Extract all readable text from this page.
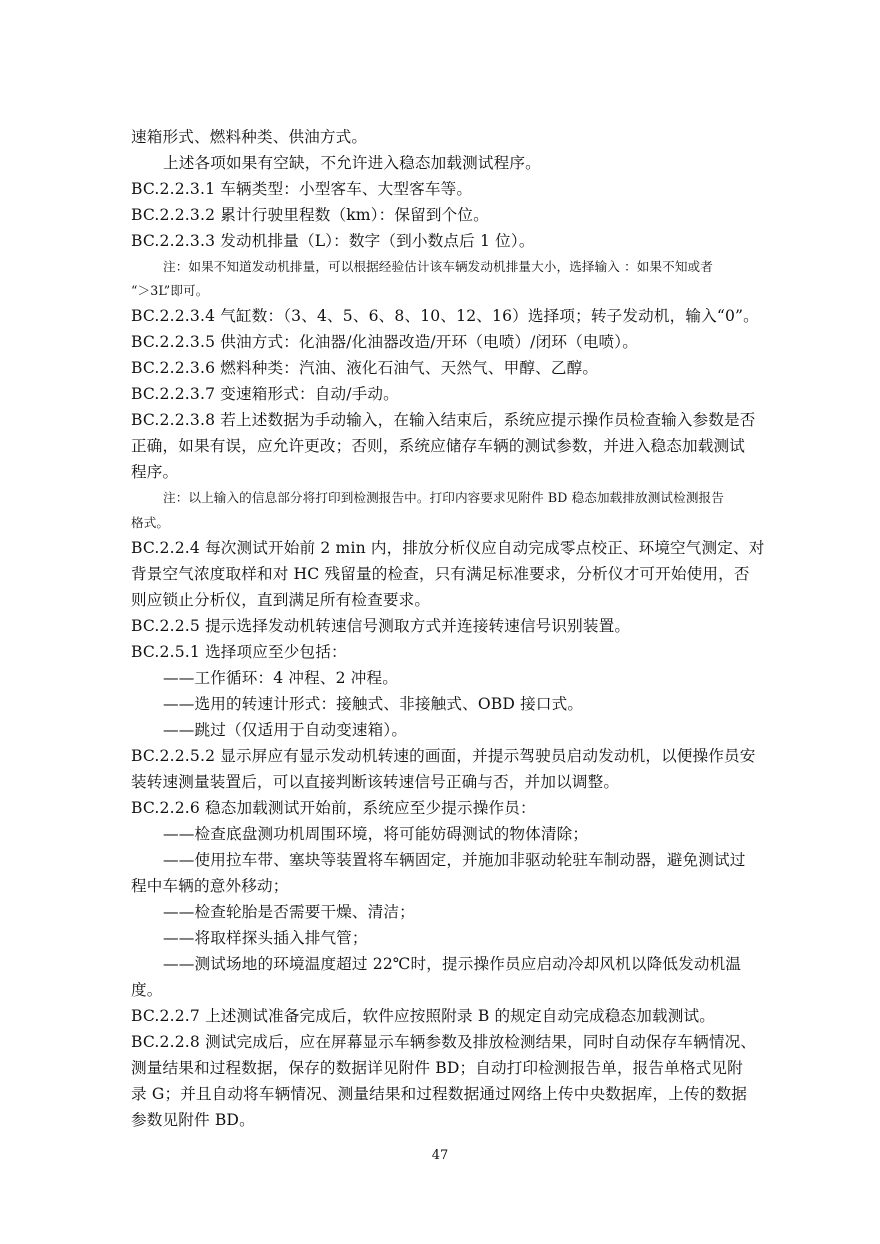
速箱形式、燃料种类、供油方式。
上述各项如果有空缺，不允许进入稳态加载测试程序。
BC.2.2.3.1 车辆类型：小型客车、大型客车等。
BC.2.2.3.2 累计行驶里程数（km）：保留到个位。
BC.2.2.3.3 发动机排量（L）：数字（到小数点后 1 位）。
注：如果不知道发动机排量，可以根据经验估计该车辆发动机排量大小，选择输入 ：如果不知或者
“＞3L”即可。
BC.2.2.3.4 气缸数：（3、4、5、6、8、10、12、16）选择项；转子发动机，输入“0”。
BC.2.2.3.5 供油方式：化油器/化油器改造/开环（电喷）/闭环（电喷）。
BC.2.2.3.6 燃料种类：汽油、液化石油气、天然气、甲醇、乙醇。
BC.2.2.3.7 变速箱形式：自动/手动。
BC.2.2.3.8 若上述数据为手动输入，在输入结束后，系统应提示操作员检查输入参数是否
正确，如果有误，应允许更改；否则，系统应储存车辆的测试参数，并进入稳态加载测试
程序。
注：以上输入的信息部分将打印到检测报告中。打印内容要求见附件 BD 稳态加载排放测试检测报告
格式。
BC.2.2.4 每次测试开始前 2 min 内，排放分析仪应自动完成零点校正、环境空气测定、对
背景空气浓度取样和对 HC 残留量的检查，只有满足标准要求，分析仪才可开始使用，否
则应锁止分析仪，直到满足所有检查要求。
BC.2.2.5 提示选择发动机转速信号测取方式并连接转速信号识别装置。
BC.2.5.1 选择项应至少包括：
——工作循环：4 冲程、2 冲程。
——选用的转速计形式：接触式、非接触式、OBD 接口式。
——跳过（仅适用于自动变速箱）。
BC.2.2.5.2 显示屏应有显示发动机转速的画面，并提示驾驶员启动发动机，以便操作员安
装转速测量装置后，可以直接判断该转速信号正确与否，并加以调整。
BC.2.2.6 稳态加载测试开始前，系统应至少提示操作员：
——检查底盘测功机周围环境，将可能妨碍测试的物体清除；
——使用拉车带、塞块等装置将车辆固定，并施加非驱动轮驻车制动器，避免测试过
程中车辆的意外移动；
——检查轮胎是否需要干燥、清洁；
——将取样探头插入排气管；
——测试场地的环境温度超过 22℃时，提示操作员应启动冷却风机以降低发动机温
度。
BC.2.2.7 上述测试准备完成后，软件应按照附录 B 的规定自动完成稳态加载测试。
BC.2.2.8 测试完成后，应在屏幕显示车辆参数及排放检测结果，同时自动保存车辆情况、
测量结果和过程数据，保存的数据详见附件 BD；自动打印检测报告单，报告单格式见附
录 G；并且自动将车辆情况、测量结果和过程数据通过网络上传中央数据库，上传的数据
参数见附件 BD。
47
